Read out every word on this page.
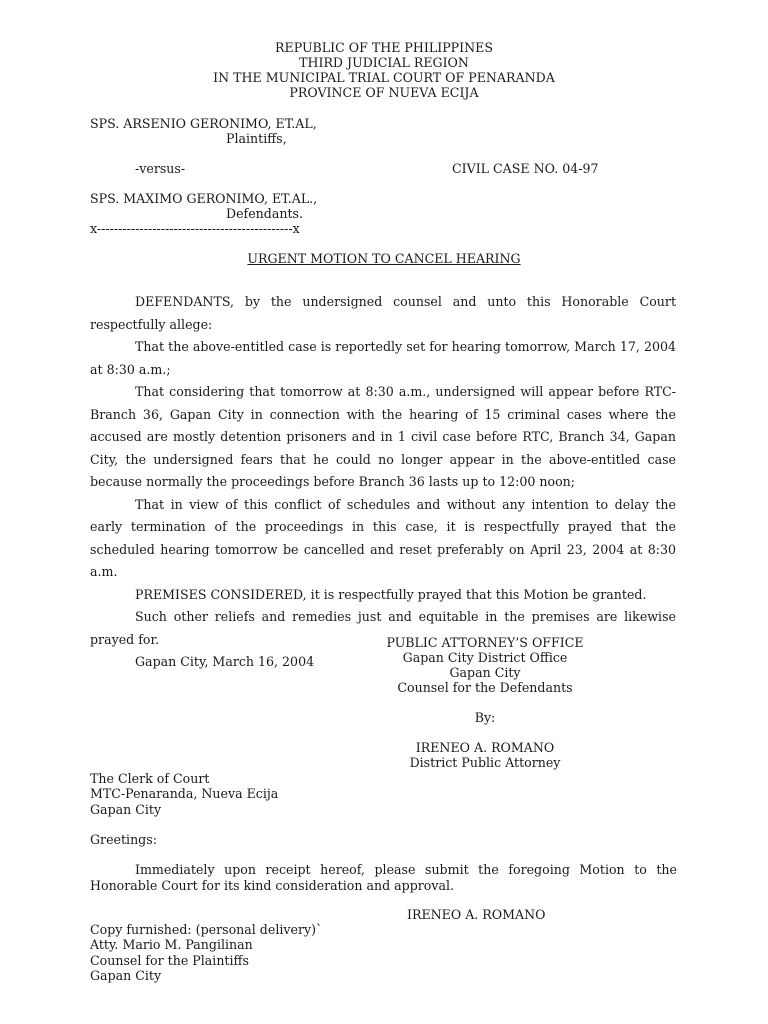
REPUBLIC OF THE PHILIPPINES
THIRD JUDICIAL REGION
IN THE MUNICIPAL TRIAL COURT OF PENARANDA
PROVINCE OF NUEVA ECIJA
SPS. ARSENIO GERONIMO, ET.AL,
Plaintiffs,
-versus-	CIVIL CASE NO. 04-97
SPS. MAXIMO GERONIMO, ET.AL.,
Defendants.
x----------------------------------------------x
URGENT MOTION TO CANCEL HEARING

DEFENDANTS, by the undersigned counsel and unto this Honorable Court respectfully allege:

That the above-entitled case is reportedly set for hearing tomorrow, March 17, 2004 at 8:30 a.m.;

That considering that tomorrow at 8:30 a.m., undersigned will appear before RTC-Branch 36, Gapan City in connection with the hearing of 15 criminal cases where the accused are mostly detention prisoners and in 1 civil case before RTC, Branch 34, Gapan City, the undersigned fears that he could no longer appear in the above-entitled case because normally the proceedings before Branch 36 lasts up to 12:00 noon;

That in view of this conflict of schedules and without any intention to delay the early termination of the proceedings in this case, it is respectfully prayed that the scheduled hearing tomorrow be cancelled and reset preferably on April 23, 2004 at 8:30 a.m.

PREMISES CONSIDERED, it is respectfully prayed that this Motion be granted.

Such other reliefs and remedies just and equitable in the premises are likewise prayed for.

Gapan City, March 16, 2004

PUBLIC ATTORNEY’S OFFICE
Gapan City District Office
Gapan City
Counsel for the Defendants
By:
IRENEO A. ROMANO
District Public Attorney
The Clerk of Court
MTC-Penaranda, Nueva Ecija
Gapan City
Greetings:

Immediately upon receipt hereof, please submit the foregoing Motion to the Honorable Court for its kind consideration and approval.

IRENEO A. ROMANO
Copy furnished: (personal delivery)`
Atty. Mario M. Pangilinan
Counsel for the Plaintiffs
Gapan City
